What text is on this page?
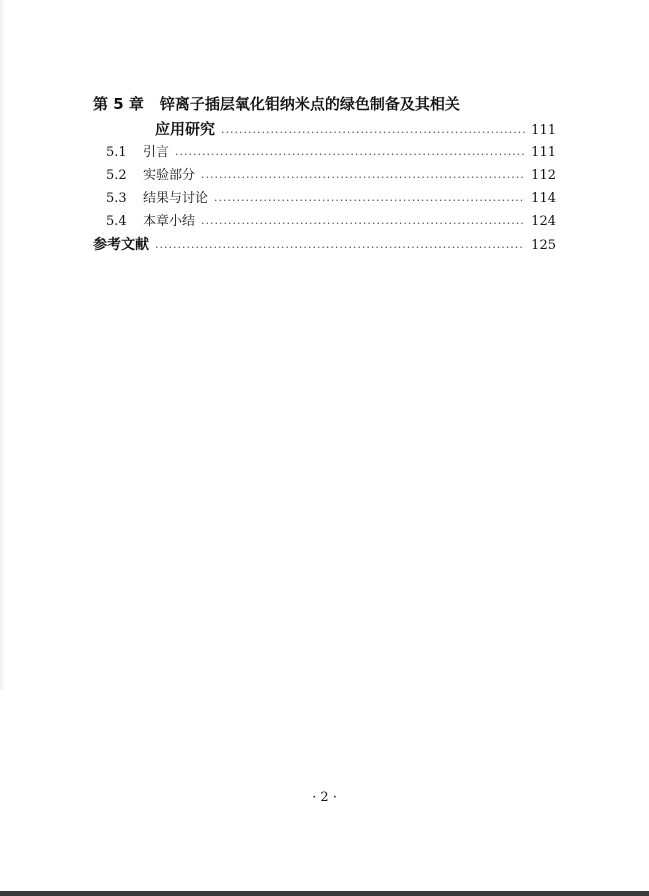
第 5 章 锌离子插层氧化钼纳米点的绿色制备及其相关
应用研究 .....	111
5.1	引言 .....	111
5.2	实验部分 .....	112
5.3	结果与讨论 .....	114
5.4	本章小结 .....	124
参考文献 .....	125
· 2 ·
